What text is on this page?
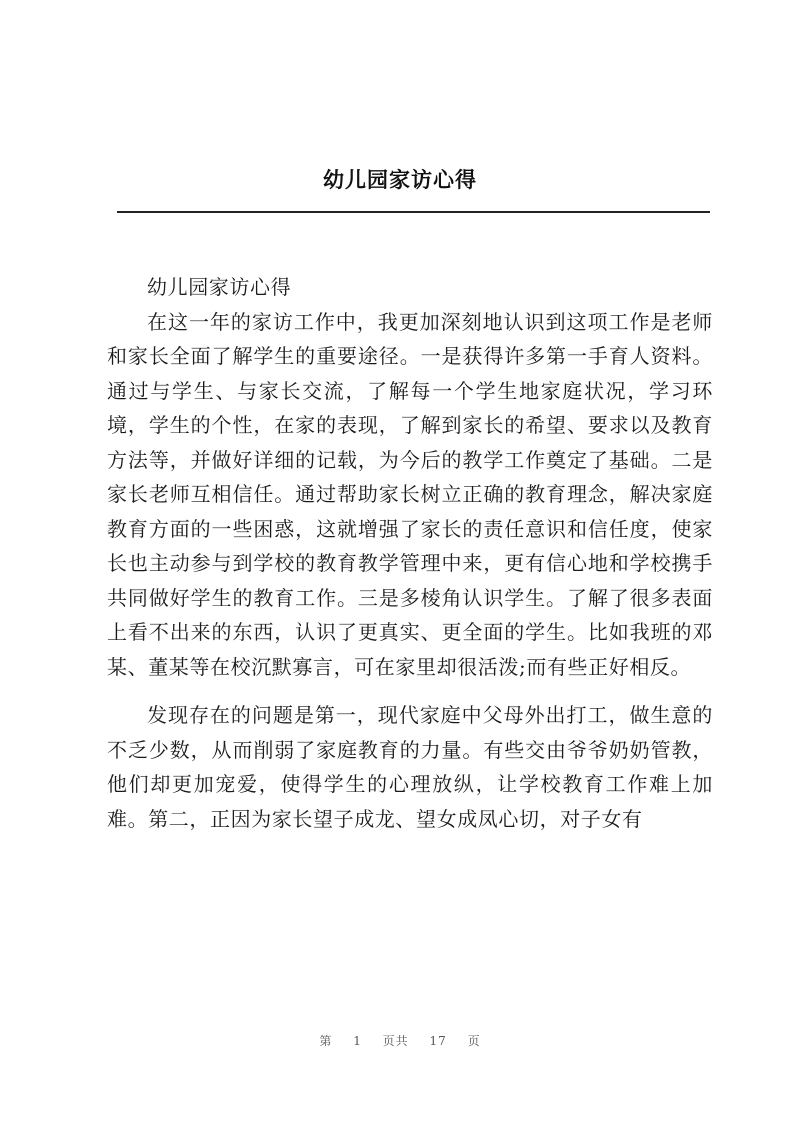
幼儿园家访心得

幼儿园家访心得

在这一年的家访工作中，我更加深刻地认识到这项工作是老师和家长全面了解学生的重要途径。一是获得许多第一手育人资料。通过与学生、与家长交流，了解每一个学生地家庭状况，学习环境，学生的个性，在家的表现，了解到家长的希望、要求以及教育方法等，并做好详细的记载，为今后的教学工作奠定了基础。二是家长老师互相信任。通过帮助家长树立正确的教育理念，解决家庭教育方面的一些困惑，这就增强了家长的责任意识和信任度，使家长也主动参与到学校的教育教学管理中来，更有信心地和学校携手共同做好学生的教育工作。三是多棱角认识学生。了解了很多表面上看不出来的东西，认识了更真实、更全面的学生。比如我班的邓某、董某等在校沉默寡言，可在家里却很活泼;而有些正好相反。

发现存在的问题是第一，现代家庭中父母外出打工，做生意的不乏少数，从而削弱了家庭教育的力量。有些交由爷爷奶奶管教，他们却更加宠爱，使得学生的心理放纵，让学校教育工作难上加难。第二，正因为家长望子成龙、望女成凤心切，对子女有

第 1 页共 17 页
